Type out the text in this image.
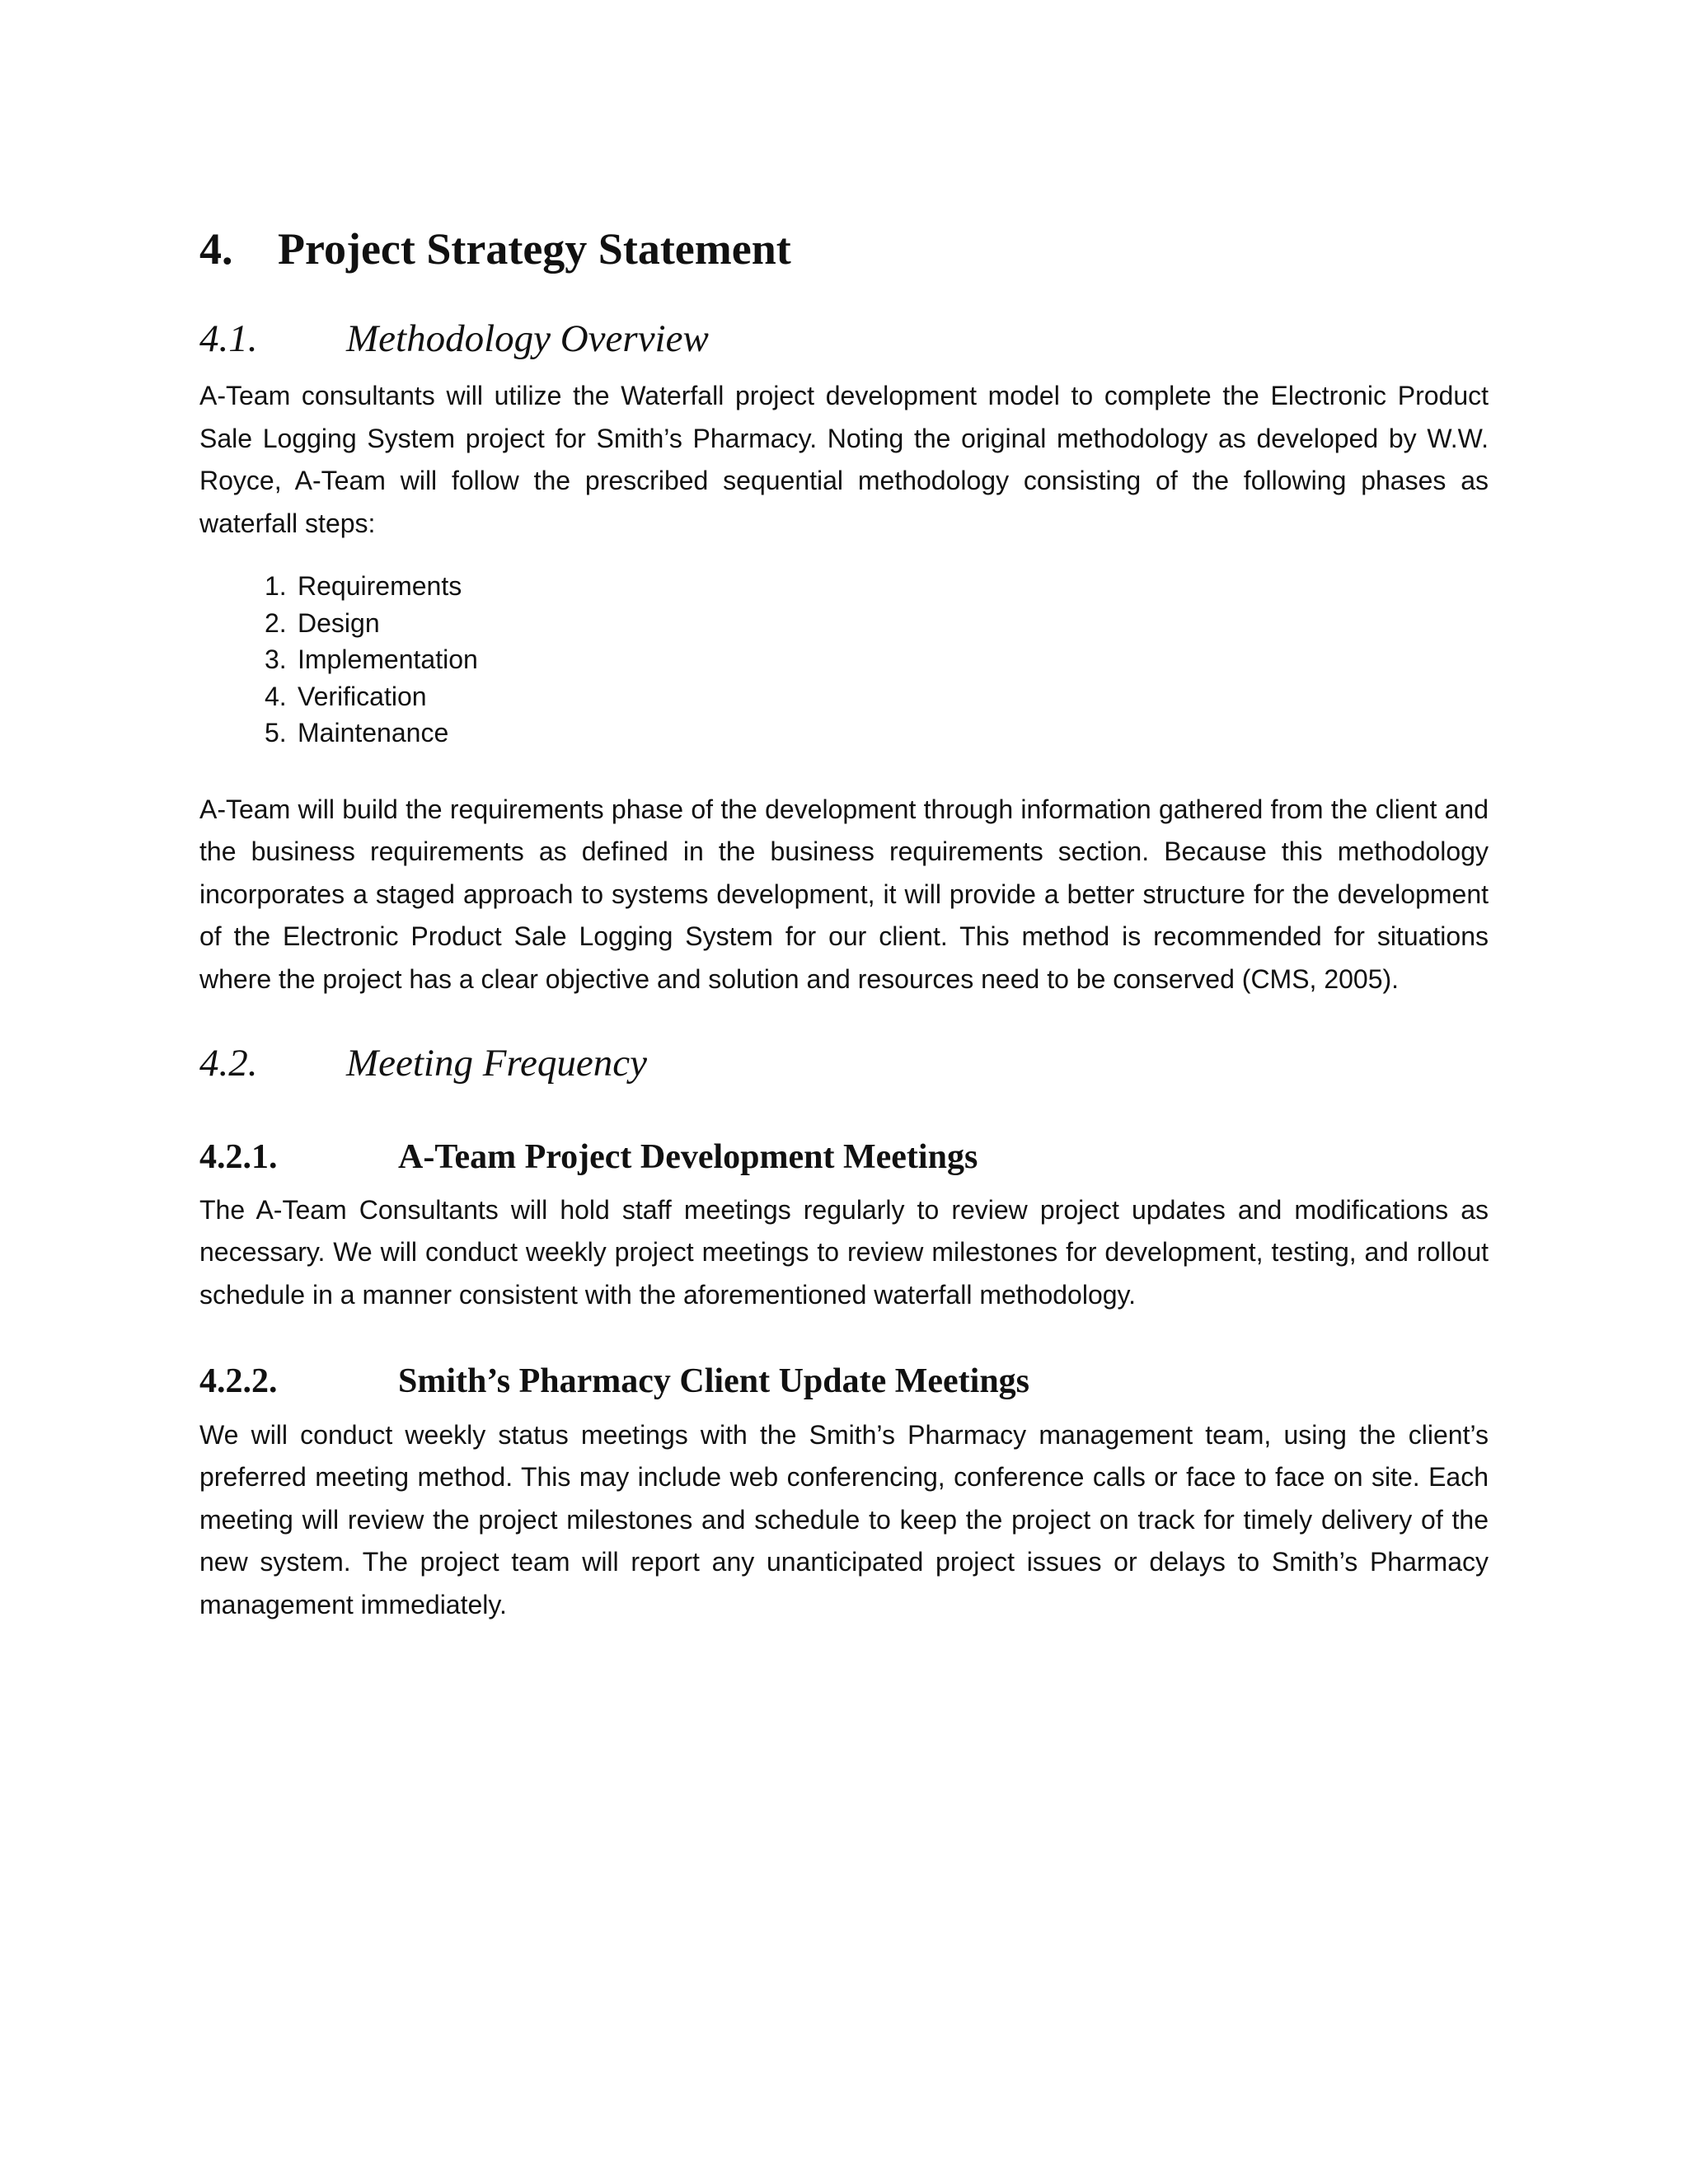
4.	Project Strategy Statement
4.1.	Methodology Overview

A-Team consultants will utilize the Waterfall project development model to complete the Electronic Product Sale Logging System project for Smith’s Pharmacy. Noting the original methodology as developed by W.W. Royce, A-Team will follow the prescribed sequential methodology consisting of the following phases as waterfall steps:

1. Requirements
2. Design
3. Implementation
4. Verification
5. Maintenance

A-Team will build the requirements phase of the development through information gathered from the client and the business requirements as defined in the business requirements section. Because this methodology incorporates a staged approach to systems development, it will provide a better structure for the development of the Electronic Product Sale Logging System for our client. This method is recommended for situations where the project has a clear objective and solution and resources need to be conserved (CMS, 2005).

4.2.	Meeting Frequency
4.2.1.	A-Team Project Development Meetings

The A-Team Consultants will hold staff meetings regularly to review project updates and modifications as necessary. We will conduct weekly project meetings to review milestones for development, testing, and rollout schedule in a manner consistent with the aforementioned waterfall methodology.

4.2.2.	Smith’s Pharmacy Client Update Meetings

We will conduct weekly status meetings with the Smith’s Pharmacy management team, using the client’s preferred meeting method. This may include web conferencing, conference calls or face to face on site. Each meeting will review the project milestones and schedule to keep the project on track for timely delivery of the new system. The project team will report any unanticipated project issues or delays to Smith’s Pharmacy management immediately.
